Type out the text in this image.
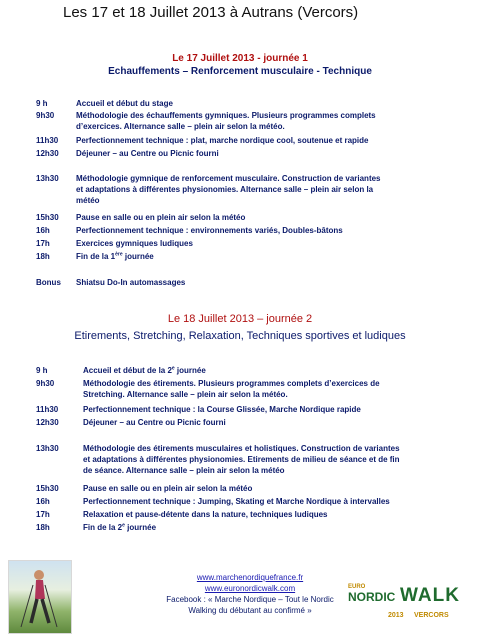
Les 17 et 18 Juillet 2013 à Autrans (Vercors)
Le 17 Juillet 2013 - journée 1
Echauffements – Renforcement musculaire - Technique
9 h	Accueil et début du stage
9h30	Méthodologie des échauffements gymniques. Plusieurs programmes complets
d’exercices. Alternance salle – plein air selon la météo.
11h30	Perfectionnement technique : plat, marche nordique cool, soutenue et rapide
12h30	Déjeuner – au Centre ou Picnic fourni
13h30	Méthodologie gymnique de renforcement musculaire. Construction de variantes
et adaptations à différentes physionomies. Alternance salle – plein air selon la
météo
15h30	Pause en salle ou en plein air selon la météo
16h	Perfectionnement technique : environnements variés, Doubles-bâtons
17h	Exercices gymniques ludiques
18h	Fin de la 1ère journée
Bonus	Shiatsu Do-In automassages
Le 18 Juillet 2013 – journée 2
Etirements, Stretching, Relaxation, Techniques sportives et ludiques
9 h	Accueil et début de la 2e journée
9h30	Méthodologie des étirements. Plusieurs programmes complets d’exercices de
Stretching. Alternance salle – plein air selon la météo.
11h30	Perfectionnement technique : la Course Glissée, Marche Nordique rapide
12h30	Déjeuner – au Centre ou Picnic fourni
13h30	Méthodologie des étirements musculaires et holistiques. Construction de variantes
et adaptations à différentes physionomies. Etirements de milieu de séance et de fin
de séance. Alternance salle – plein air selon la météo
15h30	Pause en salle ou en plein air selon la météo
16h	Perfectionnement technique : Jumping, Skating et Marche Nordique à intervalles
17h	Relaxation et pause-détente dans la nature, techniques ludiques
18h	Fin de la 2e journée
www.marchenordiquefrance.fr
www.euronordicwalk.com
Facebook : « Marche Nordique – Tout le Nordic
Walking du débutant au confirmé »
EURO
NORDIC WALK
2013 VERCORS
